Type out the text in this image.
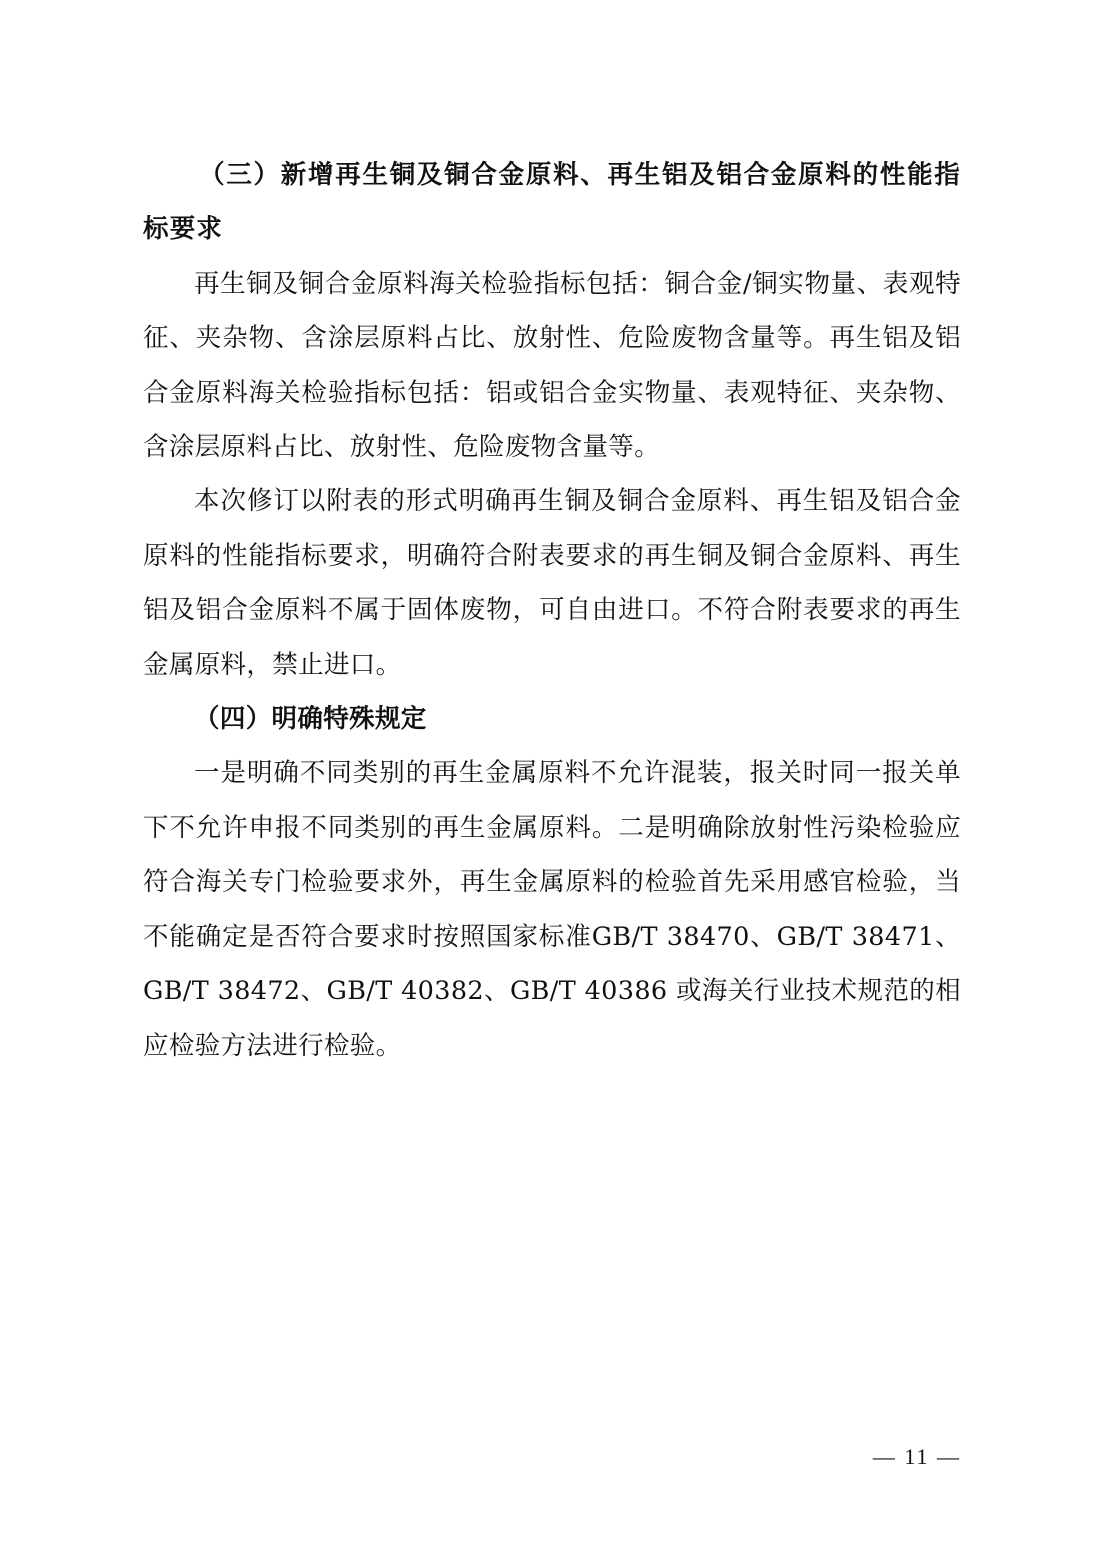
（三）新增再生铜及铜合金原料、再生铝及铝合金原料的性能指标要求

再生铜及铜合金原料海关检验指标包括：铜合金/铜实物量、表观特征、夹杂物、含涂层原料占比、放射性、危险废物含量等。再生铝及铝合金原料海关检验指标包括：铝或铝合金实物量、表观特征、夹杂物、含涂层原料占比、放射性、危险废物含量等。

本次修订以附表的形式明确再生铜及铜合金原料、再生铝及铝合金原料的性能指标要求，明确符合附表要求的再生铜及铜合金原料、再生铝及铝合金原料不属于固体废物，可自由进口。不符合附表要求的再生金属原料，禁止进口。

（四）明确特殊规定

一是明确不同类别的再生金属原料不允许混装，报关时同一报关单下不允许申报不同类别的再生金属原料。二是明确除放射性污染检验应符合海关专门检验要求外，再生金属原料的检验首先采用感官检验，当不能确定是否符合要求时按照国家标准GB/T 38470、GB/T 38471、GB/T 38472、GB/T 40382、GB/T 40386 或海关行业技术规范的相应检验方法进行检验。

— 11 —
